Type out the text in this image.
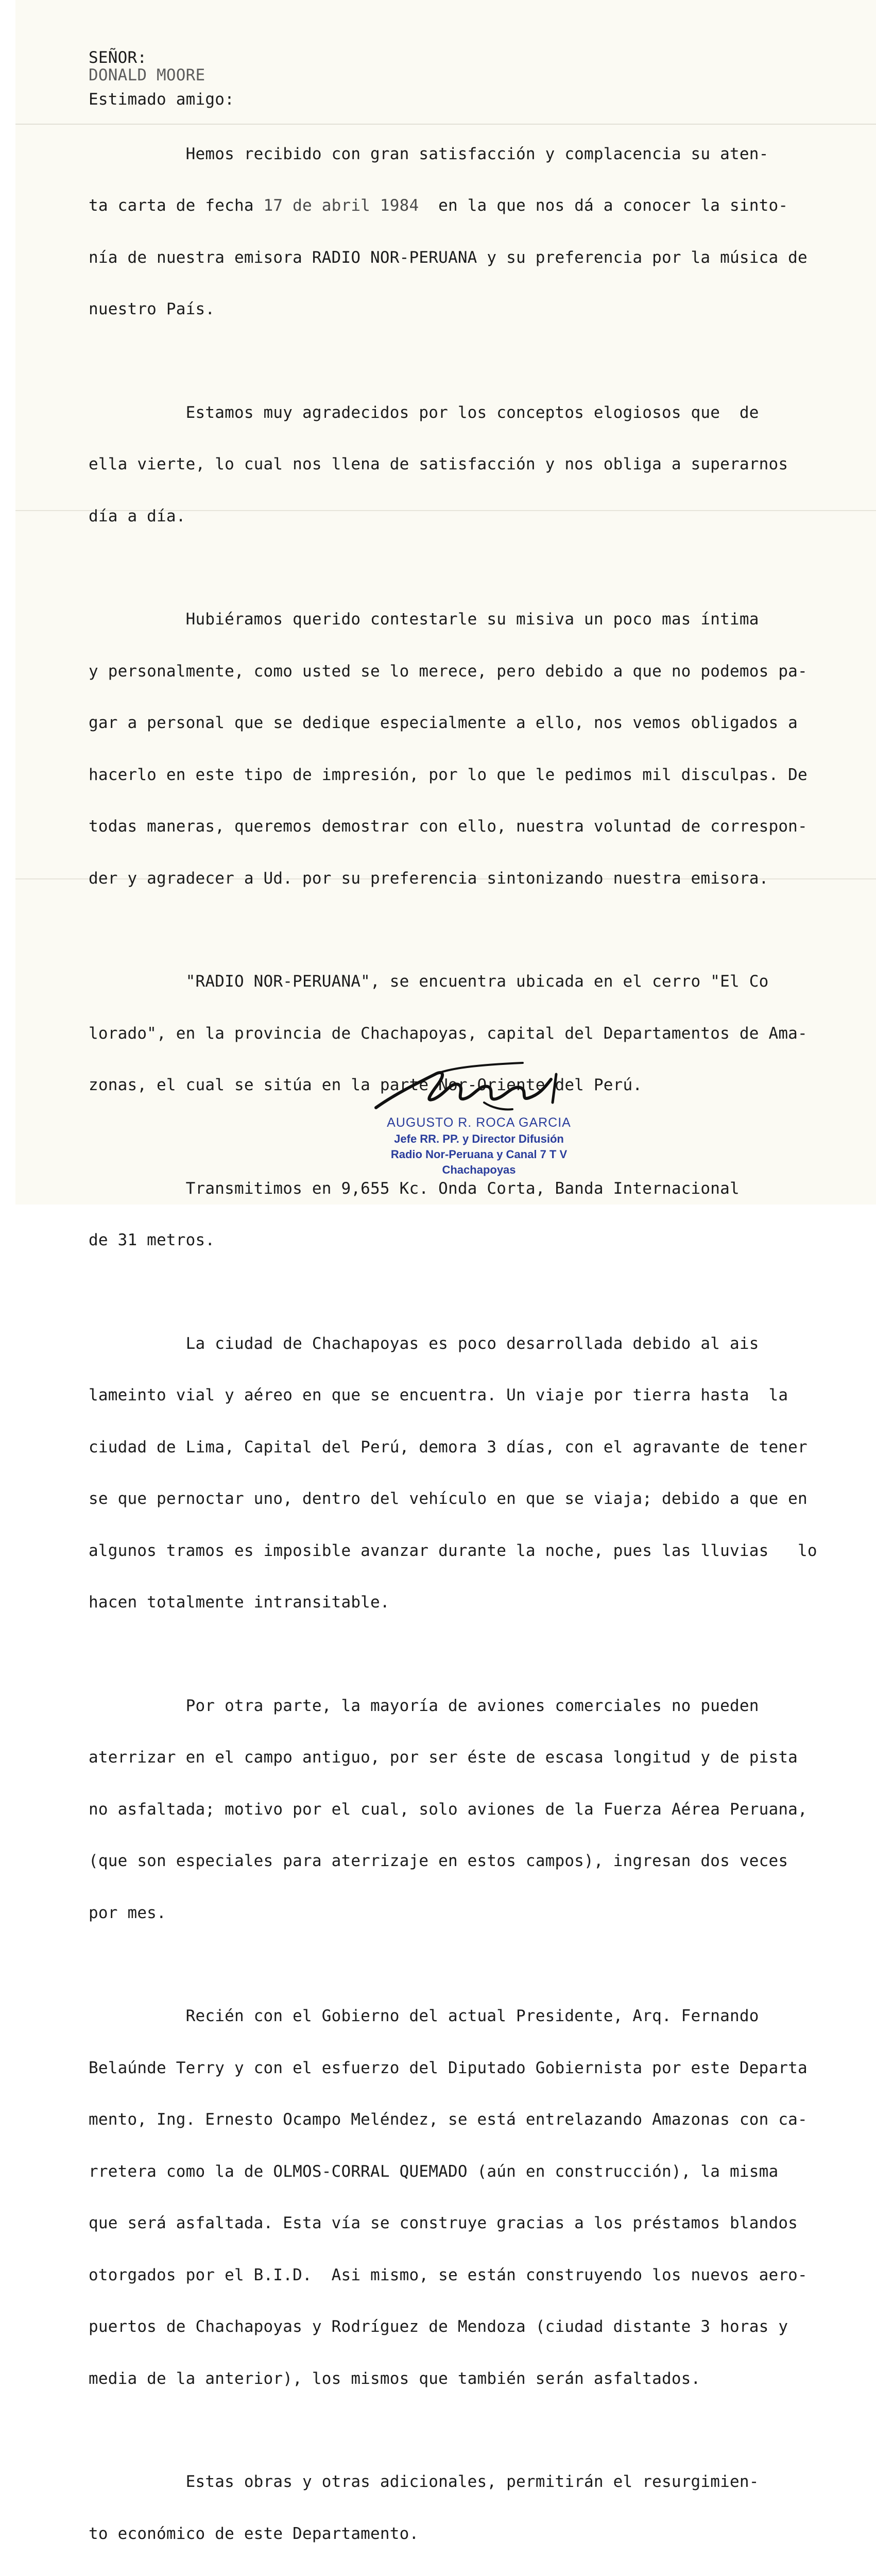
SEÑOR:
DONALD MOORE
Estimado amigo:

Hemos recibido con gran satisfacción y complacencia su aten-

ta carta de fecha 17 de abril 1984  en la que nos dá a conocer la sinto-

nía de nuestra emisora RADIO NOR-PERUANA y su preferencia por la música de

nuestro País.

Estamos muy agradecidos por los conceptos elogiosos que  de

ella vierte, lo cual nos llena de satisfacción y nos obliga a superarnos

día a día.

Hubiéramos querido contestarle su misiva un poco mas íntima

y personalmente, como usted se lo merece, pero debido a que no podemos pa-

gar a personal que se dedique especialmente a ello, nos vemos obligados a

hacerlo en este tipo de impresión, por lo que le pedimos mil disculpas. De

todas maneras, queremos demostrar con ello, nuestra voluntad de correspon-

der y agradecer a Ud. por su preferencia sintonizando nuestra emisora.

"RADIO NOR-PERUANA", se encuentra ubicada en el cerro "El Co

lorado", en la provincia de Chachapoyas, capital del Departamentos de Ama-

zonas, el cual se sitúa en la parte Nor-Oriente del Perú.

Transmitimos en 9,655 Kc. Onda Corta, Banda Internacional

de 31 metros.

La ciudad de Chachapoyas es poco desarrollada debido al ais

lameinto vial y aéreo en que se encuentra. Un viaje por tierra hasta  la

ciudad de Lima, Capital del Perú, demora 3 días, con el agravante de tener

se que pernoctar uno, dentro del vehículo en que se viaja; debido a que en

algunos tramos es imposible avanzar durante la noche, pues las lluvias   lo

hacen totalmente intransitable.

Por otra parte, la mayoría de aviones comerciales no pueden

aterrizar en el campo antiguo, por ser éste de escasa longitud y de pista

no asfaltada; motivo por el cual, solo aviones de la Fuerza Aérea Peruana,

(que son especiales para aterrizaje en estos campos), ingresan dos veces

por mes.

Recién con el Gobierno del actual Presidente, Arq. Fernando

Belaúnde Terry y con el esfuerzo del Diputado Gobiernista por este Departa

mento, Ing. Ernesto Ocampo Meléndez, se está entrelazando Amazonas con ca-

rretera como la de OLMOS-CORRAL QUEMADO (aún en construcción), la misma

que será asfaltada. Esta vía se construye gracias a los préstamos blandos

otorgados por el B.I.D.  Asi mismo, se están construyendo los nuevos aero-

puertos de Chachapoyas y Rodríguez de Mendoza (ciudad distante 3 horas y

media de la anterior), los mismos que también serán asfaltados.

Estas obras y otras adicionales, permitirán el resurgimien-

to económico de este Departamento.

AUGUSTO R. ROCA GARCIA
Jefe RR. PP. y Director Difusión
Radio Nor-Peruana y Canal 7 T V
Chachapoyas
